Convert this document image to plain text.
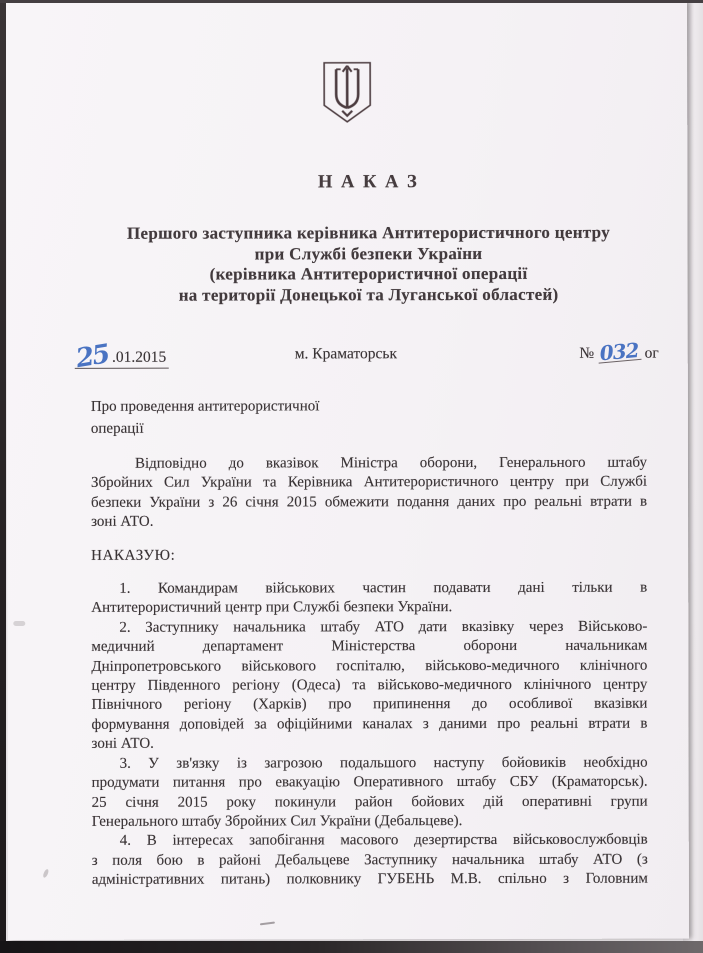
Н А К А З
Першого заступника керівника Антитерористичного центру
при Службі безпеки України
(керівника Антитерористичної операції
на території Донецької та Луганської областей)
25.01.2015	м. Краматорськ	№ 032 ог
Про проведення антитерористичної
операції
Відповідно до вказівок Міністра оборони, Генерального штабу
Збройних Сил України та Керівника Антитерористичного центру при Службі
безпеки України з 26 січня 2015 обмежити подання даних про реальні втрати в
зоні АТО.
НАКАЗУЮ:
1. Командирам військових частин подавати дані тільки в
Антитерористичний центр при Службі безпеки України.
2. Заступнику начальника штабу АТО дати вказівку через Військово-
медичний департамент Міністерства оборони начальникам
Дніпропетровського військового госпіталю, військово-медичного клінічного
центру Південного регіону (Одеса) та військово-медичного клінічного центру
Північного регіону (Харків) про припинення до особливої вказівки
формування доповідей за офіційними каналах з даними про реальні втрати в
зоні АТО.
3. У зв'язку із загрозою подальшого наступу бойовиків необхідно
продумати питання про евакуацію Оперативного штабу СБУ (Краматорськ).
25 січня 2015 року покинули район бойових дій оперативні групи
Генерального штабу Збройних Сил України (Дебальцеве).
4. В інтересах запобігання масового дезертирства військовослужбовців
з поля бою в районі Дебальцеве Заступнику начальника штабу АТО (з
адміністративних питань) полковнику ГУБЕНЬ М.В. спільно з Головним
